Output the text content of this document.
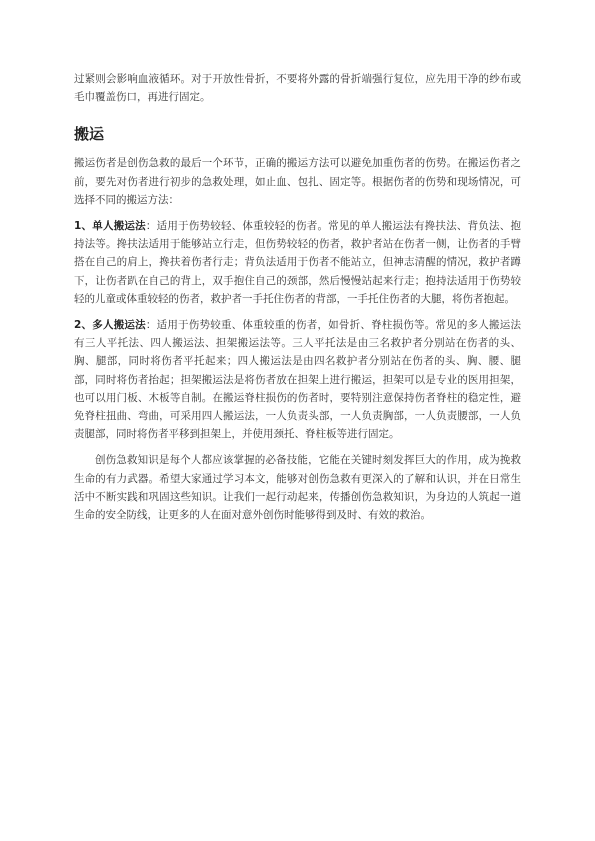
过紧则会影响血液循环。对于开放性骨折，不要将外露的骨折端强行复位，应先用干净的纱布或毛巾覆盖伤口，再进行固定。

搬运

搬运伤者是创伤急救的最后一个环节，正确的搬运方法可以避免加重伤者的伤势。在搬运伤者之前，要先对伤者进行初步的急救处理，如止血、包扎、固定等。根据伤者的伤势和现场情况，可选择不同的搬运方法：

1、单人搬运法：适用于伤势较轻、体重较轻的伤者。常见的单人搬运法有搀扶法、背负法、抱持法等。搀扶法适用于能够站立行走，但伤势较轻的伤者，救护者站在伤者一侧，让伤者的手臂搭在自己的肩上，搀扶着伤者行走；背负法适用于伤者不能站立，但神志清醒的情况，救护者蹲下，让伤者趴在自己的背上，双手抱住自己的颈部，然后慢慢站起来行走；抱持法适用于伤势较轻的儿童或体重较轻的伤者，救护者一手托住伤者的背部，一手托住伤者的大腿，将伤者抱起。

2、多人搬运法：适用于伤势较重、体重较重的伤者，如骨折、脊柱损伤等。常见的多人搬运法有三人平托法、四人搬运法、担架搬运法等。三人平托法是由三名救护者分别站在伤者的头、胸、腿部，同时将伤者平托起来；四人搬运法是由四名救护者分别站在伤者的头、胸、腰、腿部，同时将伤者抬起；担架搬运法是将伤者放在担架上进行搬运，担架可以是专业的医用担架，也可以用门板、木板等自制。在搬运脊柱损伤的伤者时，要特别注意保持伤者脊柱的稳定性，避免脊柱扭曲、弯曲，可采用四人搬运法，一人负责头部，一人负责胸部，一人负责腰部，一人负责腿部，同时将伤者平移到担架上，并使用颈托、脊柱板等进行固定。

创伤急救知识是每个人都应该掌握的必备技能，它能在关键时刻发挥巨大的作用，成为挽救生命的有力武器。希望大家通过学习本文，能够对创伤急救有更深入的了解和认识，并在日常生活中不断实践和巩固这些知识。让我们一起行动起来，传播创伤急救知识，为身边的人筑起一道生命的安全防线，让更多的人在面对意外创伤时能够得到及时、有效的救治。
